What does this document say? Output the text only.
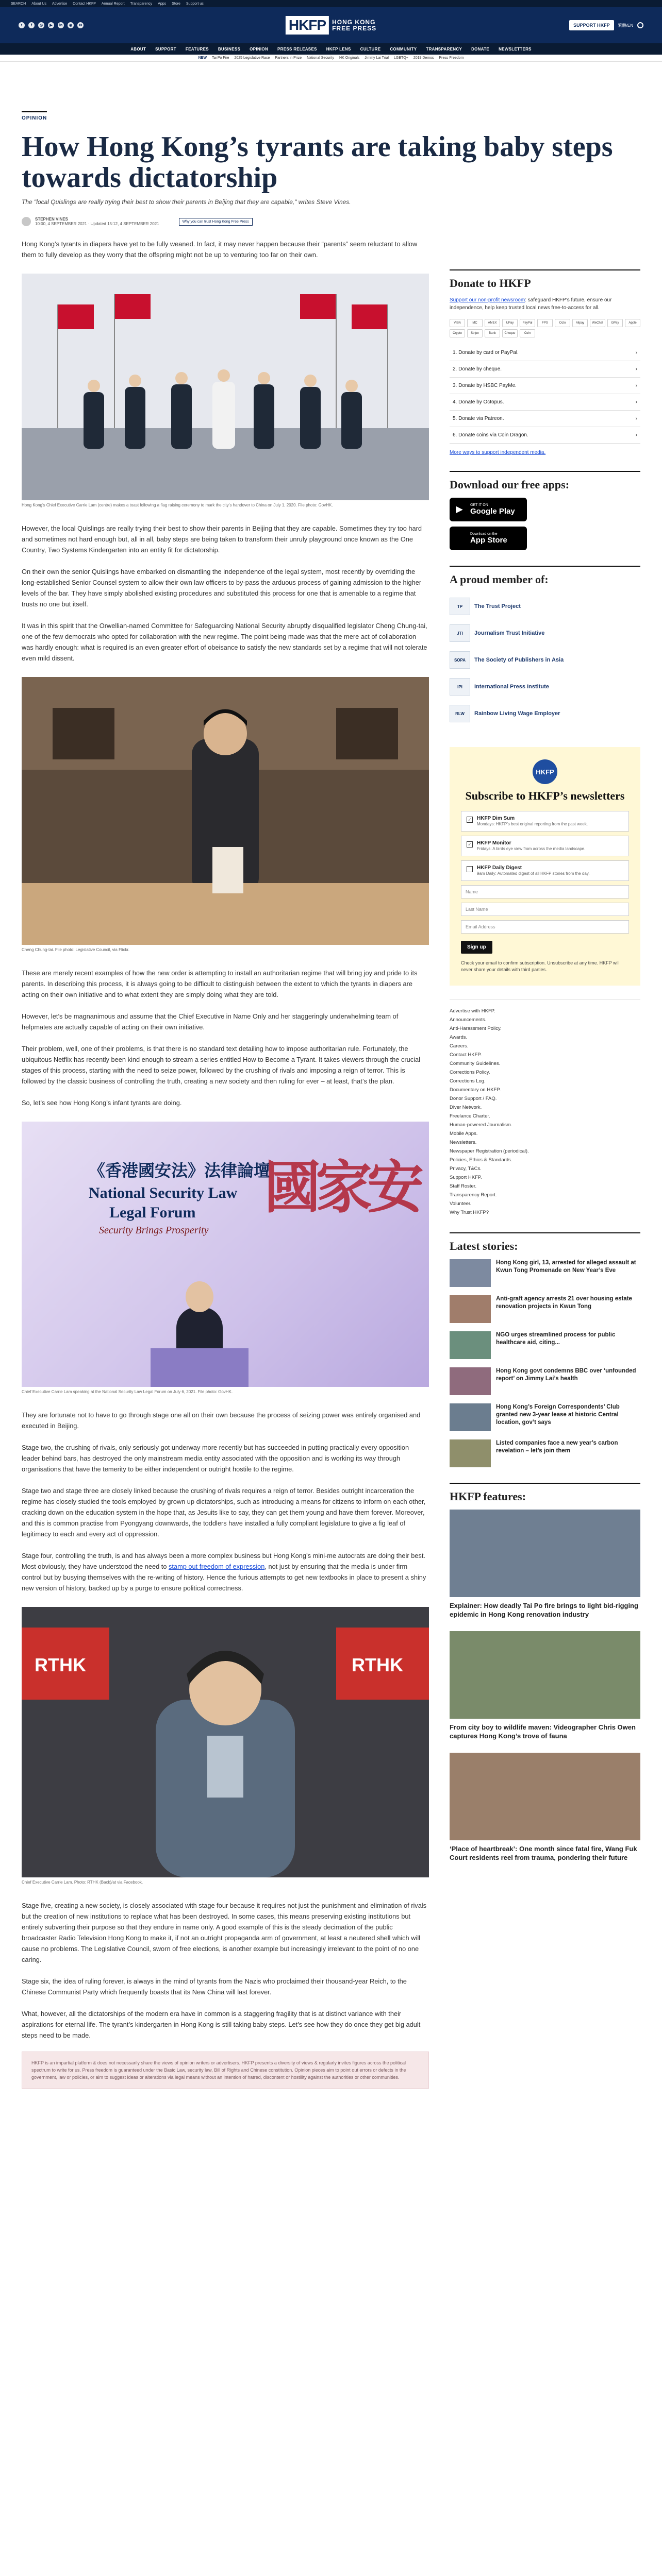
SEARCH About Us Advertise Contact HKFP Annual Report Transparency Apps Store Support us
t	f	◎	▶	in	◉	✉	HKFP	HONG KONG
FREE PRESS	SUPPORT HKFP	繁體/EN
ABOUT SUPPORT FEATURES BUSINESS OPINION PRESS RELEASES HKFP LENS CULTURE COMMUNITY TRANSPARENCY DONATE NEWSLETTERS
NEW Tai Po Fire 2025 Legislative Race Partners in Prize National Security HK Originals Jimmy Lai Trial LGBTQ+ 2019 Demos Press Freedom
OPINION
How Hong Kong’s tyrants are taking baby steps towards dictatorship
The "local Quislings are really trying their best to show their parents in Beijing that they are capable," writes Steve Vines.
STEPHEN VINES
10:00, 4 SEPTEMBER 2021 · Updated 15:12, 4 SEPTEMBER 2021	Why you can trust Hong Kong Free Press

Hong Kong’s tyrants in diapers have yet to be fully weaned. In fact, it may never happen because their “parents” seem reluctant to allow them to fully develop as they worry that the offspring might not be up to venturing too far on their own.

Hong Kong’s Chief Executive Carrie Lam (centre) makes a toast following a flag raising ceremony to mark the city’s handover to China on July 1, 2020. File photo: GovHK.

However, the local Quislings are really trying their best to show their parents in Beijing that they are capable. Sometimes they try too hard and sometimes not hard enough but, all in all, baby steps are being taken to transform their unruly playground once known as the One Country, Two Systems Kindergarten into an entity fit for dictatorship.

On their own the senior Quislings have embarked on dismantling the independence of the legal system, most recently by overriding the long-established Senior Counsel system to allow their own law officers to by-pass the arduous process of gaining admission to the higher levels of the bar. They have simply abolished existing procedures and substituted this process for one that is amenable to a regime that trusts no one but itself.

It was in this spirit that the Orwellian-named Committee for Safeguarding National Security abruptly disqualified legislator Cheng Chung-tai, one of the few democrats who opted for collaboration with the new regime. The point being made was that the mere act of collaboration was hardly enough: what is required is an even greater effort of obeisance to satisfy the new standards set by a regime that will not tolerate even mild dissent.

Cheng Chung-tai. File photo: Legislative Council, via Flickr.

These are merely recent examples of how the new order is attempting to install an authoritarian regime that will bring joy and pride to its parents. In describing this process, it is always going to be difficult to distinguish between the extent to which the tyrants in diapers are acting on their own initiative and to what extent they are simply doing what they are told.

However, let’s be magnanimous and assume that the Chief Executive in Name Only and her staggeringly underwhelming team of helpmates are actually capable of acting on their own initiative.

Their problem, well, one of their problems, is that there is no standard text detailing how to impose authoritarian rule. Fortunately, the ubiquitous Netflix has recently been kind enough to stream a series entitled How to Become a Tyrant. It takes viewers through the crucial stages of this process, starting with the need to seize power, followed by the crushing of rivals and imposing a reign of terror. This is followed by the classic business of controlling the truth, creating a new society and then ruling for ever – at least, that’s the plan.

So, let’s see how Hong Kong’s infant tyrants are doing.

《香港國安法》法律論壇
National Security Law
Legal Forum
Security Brings Prosperity
國家安
Chief Executive Carrie Lam speaking at the National Security Law Legal Forum on July 6, 2021. File photo: GovHK.

They are fortunate not to have to go through stage one all on their own because the process of seizing power was entirely organised and executed in Beijing.

Stage two, the crushing of rivals, only seriously got underway more recently but has succeeded in putting practically every opposition leader behind bars, has destroyed the only mainstream media entity associated with the opposition and is working its way through organisations that have the temerity to be either independent or outright hostile to the regime.

Stage two and stage three are closely linked because the crushing of rivals requires a reign of terror. Besides outright incarceration the regime has closely studied the tools employed by grown up dictatorships, such as introducing a means for citizens to inform on each other, cracking down on the education system in the hope that, as Jesuits like to say, they can get them young and have them forever. Moreover, and this is common practise from Pyongyang downwards, the toddlers have installed a fully compliant legislature to give a fig leaf of legitimacy to each and every act of oppression.

Stage four, controlling the truth, is and has always been a more complex business but Hong Kong’s mini-me autocrats are doing their best. Most obviously, they have understood the need to stamp out freedom of expression, not just by ensuring that the media is under firm control but by busying themselves with the re-writing of history. Hence the furious attempts to get new textbooks in place to present a shiny new version of history, backed up by a purge to ensure political correctness.

RTHK	RTHK
Chief Executive Carrie Lam. Photo: RTHK (Back)/at via Facebook.

Stage five, creating a new society, is closely associated with stage four because it requires not just the punishment and elimination of rivals but the creation of new institutions to replace what has been destroyed. In some cases, this means preserving existing institutions but entirely subverting their purpose so that they endure in name only. A good example of this is the steady decimation of the public broadcaster Radio Television Hong Kong to make it, if not an outright propaganda arm of government, at least a neutered shell which will cause no problems. The Legislative Council, sworn of free elections, is another example but increasingly irrelevant to the point of no one caring.

Stage six, the idea of ruling forever, is always in the mind of tyrants from the Nazis who proclaimed their thousand-year Reich, to the Chinese Communist Party which frequently boasts that its New China will last forever.

What, however, all the dictatorships of the modern era have in common is a staggering fragility that is at distinct variance with their aspirations for eternal life. The tyrant’s kindergarten in Hong Kong is still taking baby steps. Let’s see how they do once they get big adult steps need to be made.

HKFP is an impartial platform & does not necessarily share the views of opinion writers or advertisers. HKFP presents a diversity of views & regularly invites figures across the political spectrum to write for us. Press freedom is guaranteed under the Basic Law, security law, Bill of Rights and Chinese constitution. Opinion pieces aim to point out errors or defects in the government, law or policies, or aim to suggest ideas or alterations via legal means without an intention of hatred, discontent or hostility against the authorities or other communities.
Donate to HKFP

Support our non-profit newsroom: safeguard HKFP’s future, ensure our independence, help keep trusted local news free-to-access for all.

VISA	MC	AMEX	UPay	PayPal	FPS	Octo	Alipay	WeChat	GPay	Apple
Crypto	Stripe	Bank	Cheque	Coin
1. Donate by card or PayPal.	›
2. Donate by cheque.	›
3. Donate by HSBC PayMe.	›
4. Donate by Octopus.	›
5. Donate via Patreon.	›
6. Donate coins via Coin Dragon.	›
More ways to support independent media.
Download our free apps:
▶ GET IT ON
Google Play
Download on the
App Store
A proud member of:
TP	The Trust Project
JTI	Journalism Trust Initiative
SOPA	The Society of Publishers in Asia
IPI	International Press Institute
RLW	Rainbow Living Wage Employer
HKFP
Subscribe to HKFP’s newsletters
✓ HKFP Dim Sum
Mondays: HKFP’s best original reporting from the past week.
✓ HKFP Monitor
Fridays: A birds eye view from across the media landscape.
HKFP Daily Digest
9am Daily: Automated digest of all HKFP stories from the day.
Name
Last Name
Email Address
Sign up
Check your email to confirm subscription. Unsubscribe at any time. HKFP will never share your details with third parties.
Advertise with HKFP.
Announcements.
Anti-Harassment Policy.
Awards.
Careers.
Contact HKFP.
Community Guidelines.
Corrections Policy.
Corrections Log.
Documentary on HKFP.
Donor Support / FAQ.
Diver Network.
Freelance Charter.
Human-powered Journalism.
Mobile Apps.
Newsletters.
Newspaper Registration (periodical).
Policies, Ethics & Standards.
Privacy, T&Cs.
Support HKFP.
Staff Roster.
Transparency Report.
Volunteer.
Why Trust HKFP?
Latest stories:
Hong Kong girl, 13, arrested for alleged assault at Kwun Tong Promenade on New Year’s Eve
Anti-graft agency arrests 21 over housing estate renovation projects in Kwun Tong
NGO urges streamlined process for public healthcare aid, citing...
Hong Kong govt condemns BBC over ‘unfounded report’ on Jimmy Lai’s health
Hong Kong’s Foreign Correspondents’ Club granted new 3-year lease at historic Central location, gov’t says
Listed companies face a new year’s carbon revelation – let’s join them
HKFP features:
Explainer: How deadly Tai Po fire brings to light bid-rigging epidemic in Hong Kong renovation industry
From city boy to wildlife maven: Videographer Chris Owen captures Hong Kong’s trove of fauna
‘Place of heartbreak’: One month since fatal fire, Wang Fuk Court residents reel from trauma, pondering their future
